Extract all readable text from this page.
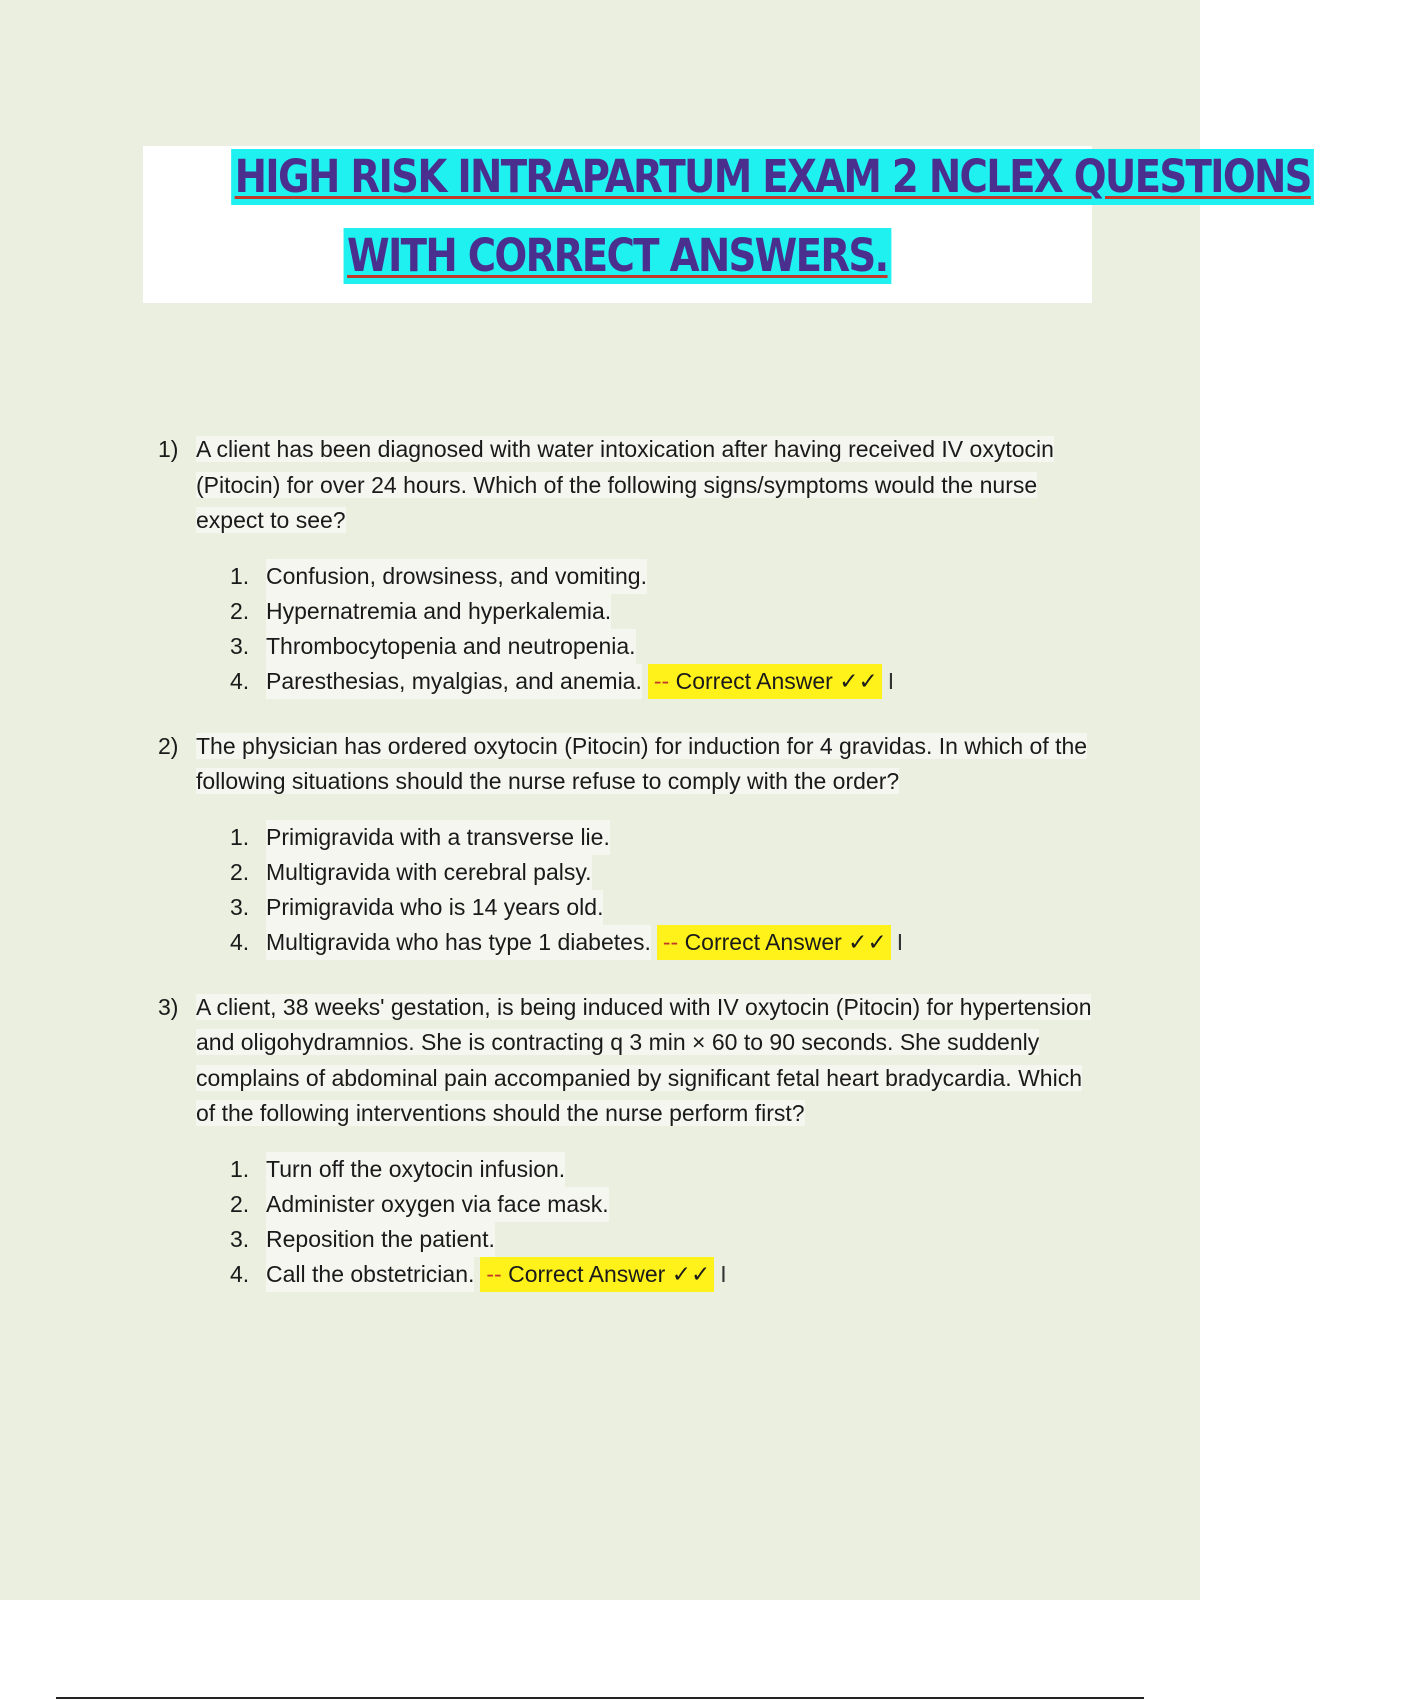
HIGH RISK INTRAPARTUM EXAM 2 NCLEX QUESTIONS
WITH CORRECT ANSWERS.
1) A client has been diagnosed with water intoxication after having received IV oxytocin (Pitocin) for over 24 hours. Which of the following signs/symptoms would the nurse expect to see?
1. Confusion, drowsiness, and vomiting.
2. Hypernatremia and hyperkalemia.
3. Thrombocytopenia and neutropenia.
4. Paresthesias, myalgias, and anemia. -- Correct Answer ✓✓ I
2) The physician has ordered oxytocin (Pitocin) for induction for 4 gravidas. In which of the following situations should the nurse refuse to comply with the order?
1. Primigravida with a transverse lie.
2. Multigravida with cerebral palsy.
3. Primigravida who is 14 years old.
4. Multigravida who has type 1 diabetes. -- Correct Answer ✓✓ I
3) A client, 38 weeks' gestation, is being induced with IV oxytocin (Pitocin) for hypertension and oligohydramnios. She is contracting q 3 min × 60 to 90 seconds. She suddenly complains of abdominal pain accompanied by significant fetal heart bradycardia. Which of the following interventions should the nurse perform first?
1. Turn off the oxytocin infusion.
2. Administer oxygen via face mask.
3. Reposition the patient.
4. Call the obstetrician. -- Correct Answer ✓✓ I
